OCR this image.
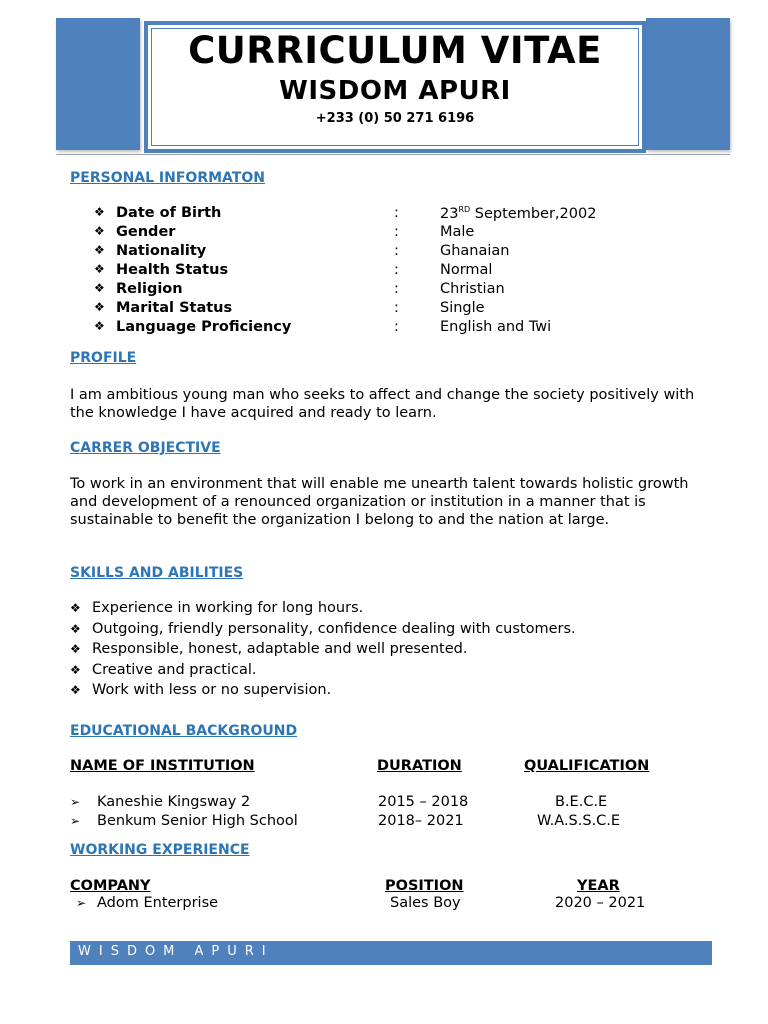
CURRICULUM VITAE
WISDOM APURI
+233 (0) 50 271 6196
PERSONAL INFORMATON
❖ Date of Birth	:	23RD September,2002
❖ Gender	:	Male
❖ Nationality	:	Ghanaian
❖ Health Status	:	Normal
❖ Religion	:	Christian
❖ Marital Status	:	Single
❖ Language Proficiency	:	English and Twi
PROFILE
I am ambitious young man who seeks to affect and change the society positively with the knowledge I have acquired and ready to learn.
CARRER OBJECTIVE
To work in an environment that will enable me unearth talent towards holistic growth and development of a renounced organization or institution in a manner that is sustainable to benefit the organization I belong to and the nation at large.
SKILLS AND ABILITIES
❖ Experience in working for long hours.
❖ Outgoing, friendly personality, confidence dealing with customers.
❖ Responsible, honest, adaptable and well presented.
❖ Creative and practical.
❖ Work with less or no supervision.
EDUCATIONAL BACKGROUND
NAME OF INSTITUTION	DURATION	QUALIFICATION
➢ Kaneshie Kingsway 2	2015 – 2018	B.E.C.E
➢ Benkum Senior High School	2018– 2021	W.A.S.S.C.E
WORKING EXPERIENCE
COMPANY	POSITION	YEAR
➢ Adom Enterprise	Sales Boy	2020 – 2021
WISDOM APURI
